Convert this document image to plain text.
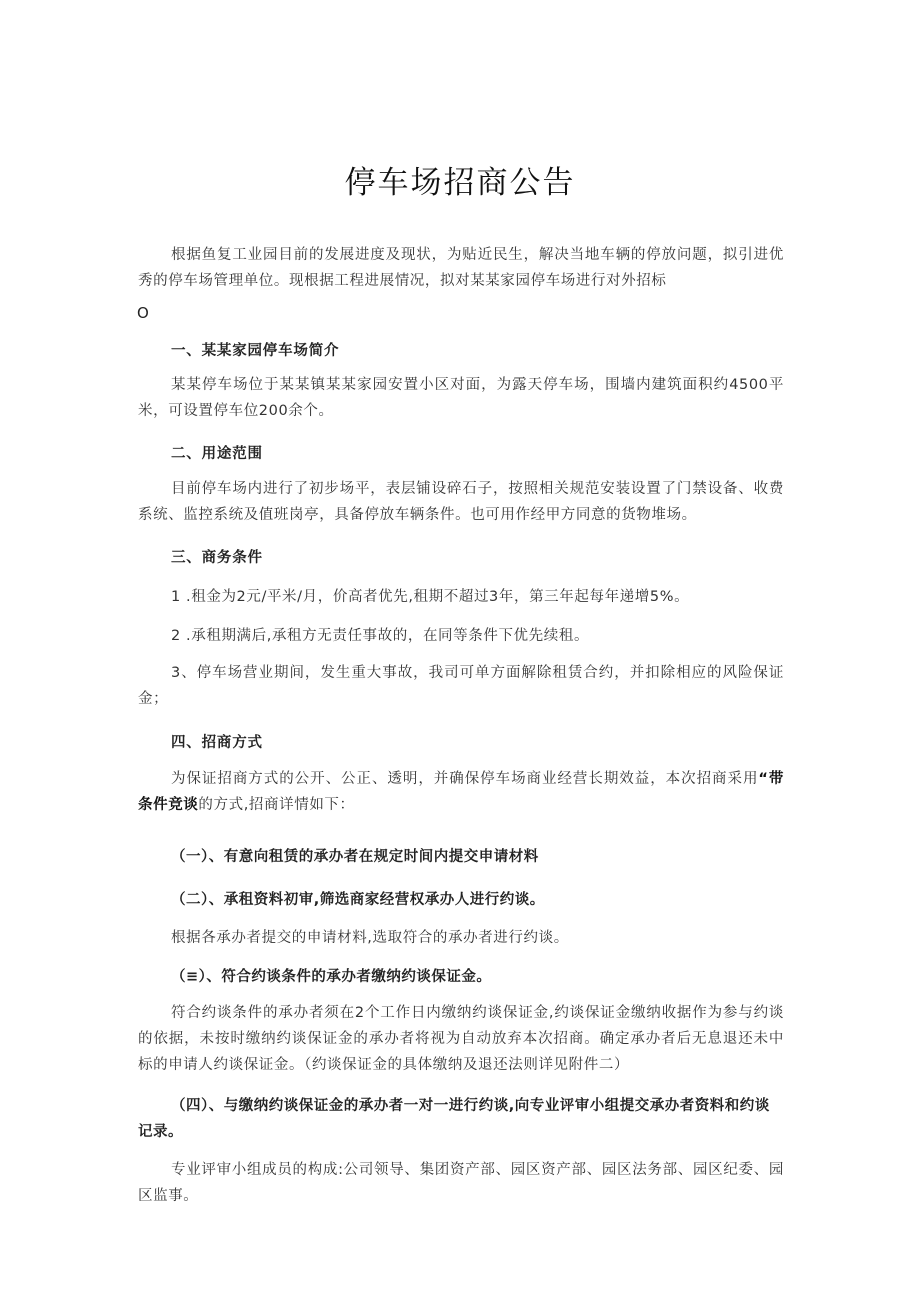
停车场招商公告

根据鱼复工业园目前的发展进度及现状，为贴近民生，解决当地车辆的停放问题，拟引进优秀的停车场管理单位。现根据工程进展情况，拟对某某家园停车场进行对外招标

O

一、某某家园停车场简介

某某停车场位于某某镇某某家园安置小区对面，为露天停车场，围墙内建筑面积约4500平米，可设置停车位200余个。

二、用途范围

目前停车场内进行了初步场平，表层铺设碎石子，按照相关规范安装设置了门禁设备、收费系统、监控系统及值班岗亭，具备停放车辆条件。也可用作经甲方同意的货物堆场。

三、商务条件

1 .租金为2元/平米/月，价高者优先,租期不超过3年，第三年起每年递增5%。

2 .承租期满后,承租方无责任事故的，在同等条件下优先续租。

3、停车场营业期间，发生重大事故，我司可单方面解除租赁合约，并扣除相应的风险保证金；

四、招商方式

为保证招商方式的公开、公正、透明，并确保停车场商业经营长期效益，本次招商采用“带条件竞谈的方式,招商详情如下：

（一）、有意向租赁的承办者在规定时间内提交申请材料

（二）、承租资料初审,筛选商家经营权承办人进行约谈。

根据各承办者提交的申请材料,选取符合的承办者进行约谈。

（≡）、符合约谈条件的承办者缴纳约谈保证金。

符合约谈条件的承办者须在2个工作日内缴纳约谈保证金,约谈保证金缴纳收据作为参与约谈的依据，未按时缴纳约谈保证金的承办者将视为自动放弃本次招商。确定承办者后无息退还未中标的申请人约谈保证金。（约谈保证金的具体缴纳及退还法则详见附件二）

（四）、与缴纳约谈保证金的承办者一对一进行约谈,向专业评审小组提交承办者资料和约谈记录。

专业评审小组成员的构成:公司领导、集团资产部、园区资产部、园区法务部、园区纪委、园区监事。
